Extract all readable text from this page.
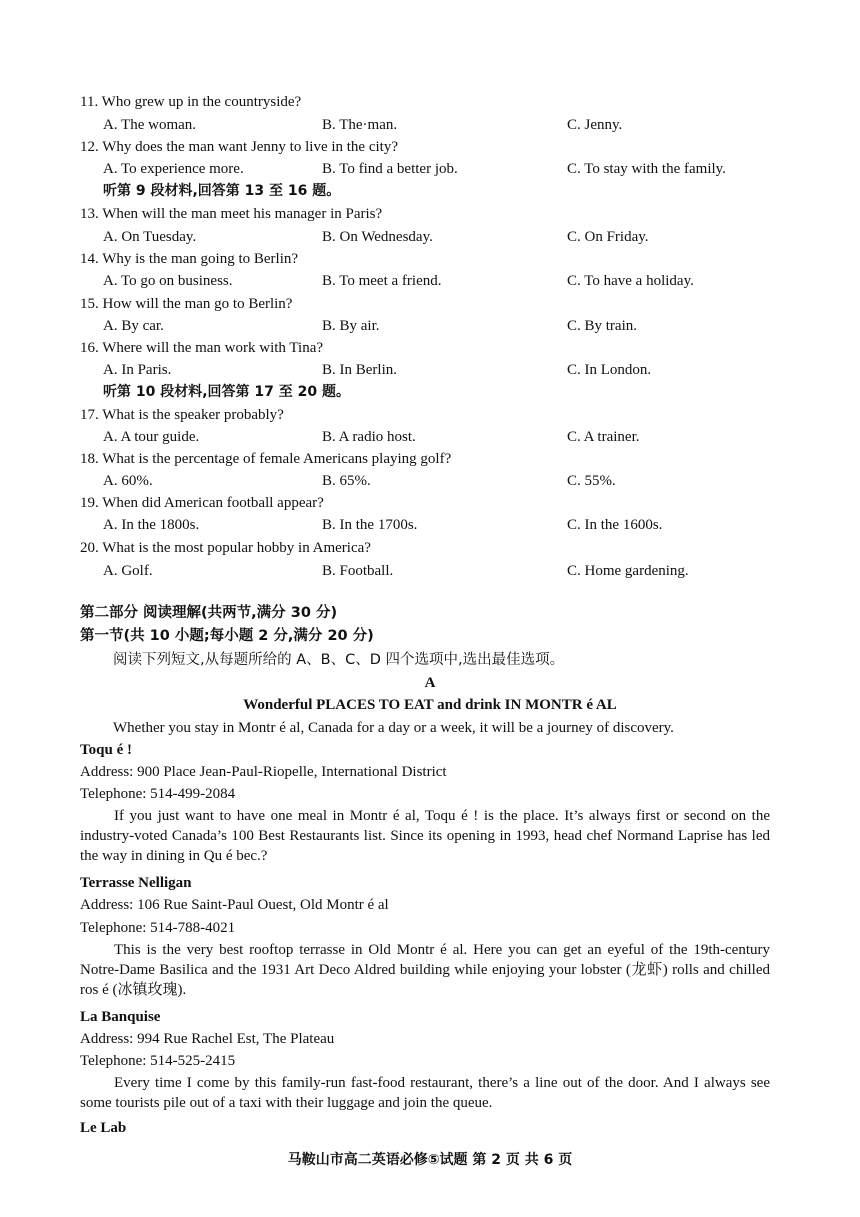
11. Who grew up in the countryside?
A. The woman.	B. The·man.	C. Jenny.
12. Why does the man want Jenny to live in the city?
A. To experience more.	B. To find a better job.	C. To stay with the family.
听第 9 段材料,回答第 13 至 16 题。
13. When will the man meet his manager in Paris?
A. On Tuesday.	B. On Wednesday.	C. On Friday.
14. Why is the man going to Berlin?
A. To go on business.	B. To meet a friend.	C. To have a holiday.
15. How will the man go to Berlin?
A. By car.	B. By air.	C. By train.
16. Where will the man work with Tina?
A. In Paris.	B. In Berlin.	C. In London.
听第 10 段材料,回答第 17 至 20 题。
17. What is the speaker probably?
A. A tour guide.	B. A radio host.	C. A trainer.
18. What is the percentage of female Americans playing golf?
A. 60%.	B. 65%.	C. 55%.
19. When did American football appear?
A. In the 1800s.	B. In the 1700s.	C. In the 1600s.
20. What is the most popular hobby in America?
A. Golf.	B. Football.	C. Home gardening.
第二部分 阅读理解(共两节,满分 30 分)
第一节(共 10 小题;每小题 2 分,满分 20 分)
阅读下列短文,从每题所给的 A、B、C、D 四个选项中,选出最佳选项。
A
Wonderful PLACES TO EAT and drink IN MONTR é AL
Whether you stay in Montr é al, Canada for a day or a week, it will be a journey of discovery.
Toqu é !
Address: 900 Place Jean-Paul-Riopelle, International District
Telephone: 514-499-2084
If you just want to have one meal in Montr é al, Toqu é ! is the place. It’s always first or second on the industry-voted Canada’s 100 Best Restaurants list. Since its opening in 1993, head chef Normand Laprise has led the way in dining in Qu é bec.?
Terrasse Nelligan
Address: 106 Rue Saint-Paul Ouest, Old Montr é al
Telephone: 514-788-4021
This is the very best rooftop terrasse in Old Montr é al. Here you can get an eyeful of the 19th-century Notre-Dame Basilica and the 1931 Art Deco Aldred building while enjoying your lobster (龙虾) rolls and chilled ros é (冰镇玫瑰).
La Banquise
Address: 994 Rue Rachel Est, The Plateau
Telephone: 514-525-2415
Every time I come by this family-run fast-food restaurant, there’s a line out of the door. And I always see some tourists pile out of a taxi with their luggage and join the queue.
Le Lab
马鞍山市高二英语必修⑤试题 第 2 页 共 6 页
